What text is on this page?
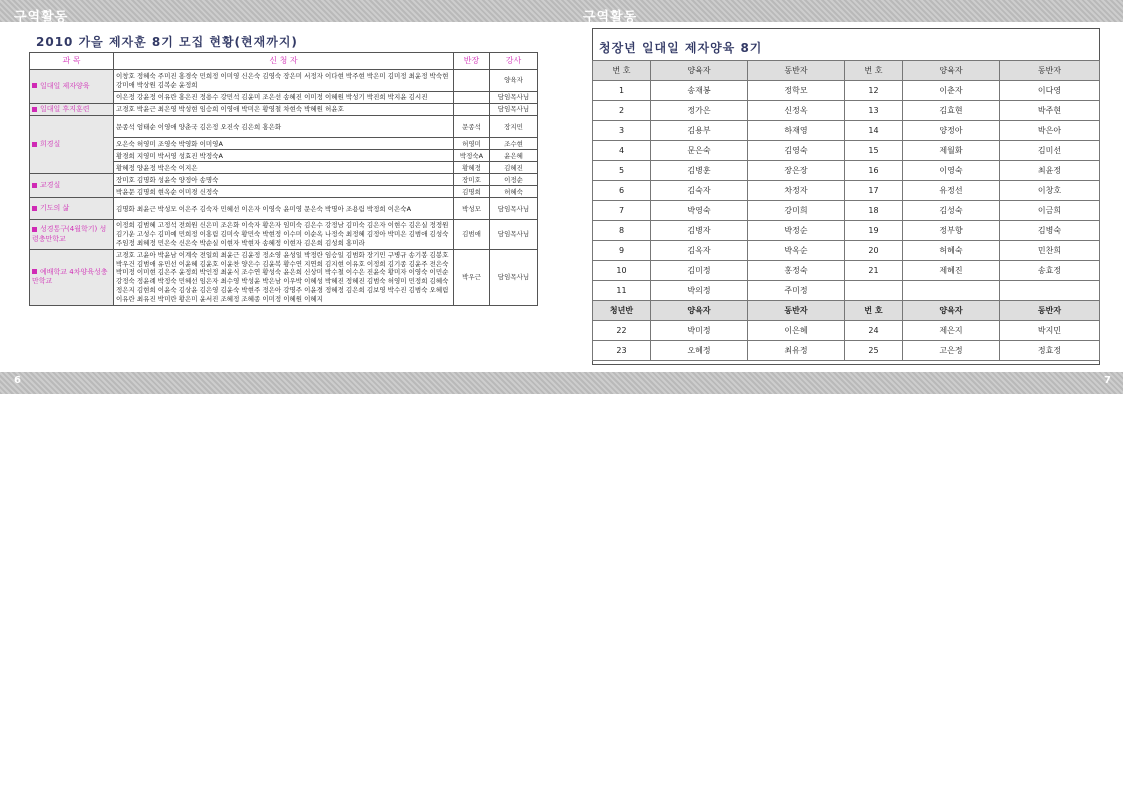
구역활동	구역활동
2010 가을 제자훈 8기 모집 현황(현재까지)
과 목	신 청 자	반장	강사
일대일 제자양육	이창호 정혜숙 주미진 홍경숙 민희정 이미영 신은숙 김영숙 장은미 서정자 이다현 박주현 박은미 김미정 최윤정 박숙현 강미애 박상원 김복순 윤정희		양육자
	이은정 강윤정 이유란 홍은진 정용수 강민석 김윤미 조은선 송혜진 이미정 이혜원 박성기 박진희 박지윤 김시진		담임목사님
일대일 후지훈련	고경호 박윤근 최은영 박성현 임승희 이영애 박미은 황영철 차현숙 박혜원 허윤호		담임목사님
희경실	문종석 엄태순 이영애 양춘국 김은정 오진숙 김은희 홍은화	문종석	장지민
	오은숙 허영미 조영숙 박영화 이미영A	허영미	조수현
	황경희 지영미 박서영 성효진 박정숙A	박정숙A	윤은혜
	황혜정 양윤정 박은숙 이지은	황혜정	김혜진
교경실	장미호 김명화 성윤숙 양정아 송명숙	장미호	이정순
	박윤문 김명희 현옥순 이미경 신정숙	김명희	허혜숙
기도의 삶	김명화 최윤근 박성모 이은주 김숙자 민혜선 이은자 이영숙 윤미영 문은숙 박명아 조용림 박정희 이은숙A	박성모	담임목사님
성경통구(4월학기) 성령충만학교	이정희 김범혜 고정석 전희원 신은미 조은화 이숙자 황은자 임미숙 김은수 강정남 김미숙 김은자 이현수 김은실 정정원 김기운 고성수 김미예 민희정 이홍림 김미숙 황민숙 박현정 이수미 이순옥 나정숙 최정혜 김정아 박미은 김범애 김성숙 주임정 최혜정 민은숙 신은숙 박순실 이현자 박현자 송혜정 이현자 김은희 김성희 홍미라	김범애	담임목사님
예배학교 4차양육성충만학교	고경호 고윤아 박윤남 이계숙 전일희 최윤근 김윤정 정소영 윤성일 박정란 임승일 김범화 장기민 구병규 송기봉 김봉호 박우건 김범애 유민선 이윤혜 김윤호 이윤찬 양은수 김윤복 황수연 지연희 김지현 이유호 이정희 김기종 김윤주 전은숙 박미정 이미현 김은주 윤정희 박인정 최윤식 조수연 황성숙 윤은희 신상미 박수철 이수은 진윤숙 황미자 이영숙 이민순 강정숙 정윤례 박정숙 민혜선 임은자 최수영 박성윤 박은남 이우박 이혜성 박혜진 정혜진 김범숙 허영미 민정희 김혜숙 정은지 김현희 이윤숙 김상윤 김은영 김윤숙 박현주 정은아 강명주 이윤경 정혜정 김은희 김보영 박수진 김범숙 오혜림 이유란 최유진 박미란 황은미 윤서진 조혜정 조혜종 이미정 이혜원 이혜지	박우근	담임목사님
청장년 일대일 제자양육 8기
번 호	양육자	동반자	번 호	양육자	동반자
1	송재봉	정학모	12	이춘자	이다영
2	정가은	신정옥	13	김효현	박주현
3	김용부	하재영	14	양정아	박은아
4	문은숙	김영숙	15	제월화	김미선
5	김병훈	장은장	16	이영숙	최윤정
6	김숙자	차정자	17	유정선	이창호
7	박영숙	강미희	18	김성숙	이금희
8	김병자	박정순	19	정부향	김병숙
9	김옥자	박옥순	20	허혜숙	민찬희
10	김미정	홍정숙	21	제혜진	송효정
11	박의정	주미정			
청년반	양육자	동반자	번 호	양육자	동반자
22	박미정	이은혜	24	제은지	박지민
23	오혜정	최유정	25	고은정	정효정
6	7
